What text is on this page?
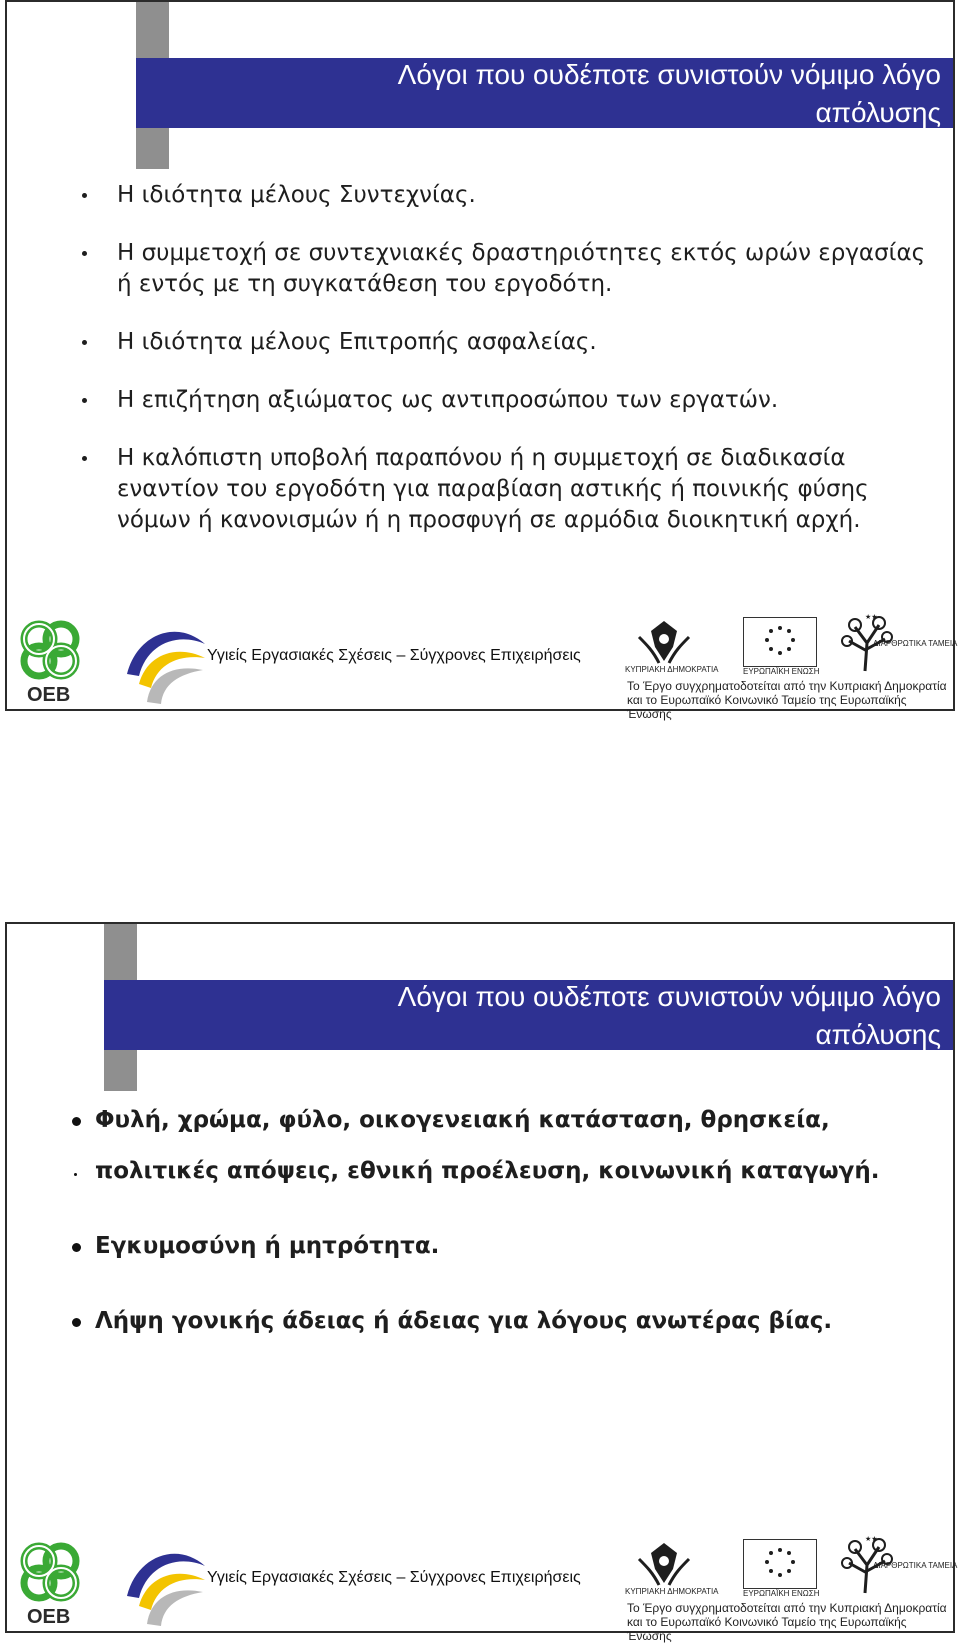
Λόγοι που ουδέποτε συνιστούν νόμιμο λόγο
απόλυσης
Η ιδιότητα μέλους Συντεχνίας.
Η συμμετοχή σε συντεχνιακές δραστηριότητες εκτός ωρών εργασίας ή εντός με τη συγκατάθεση του εργοδότη.
Η ιδιότητα μέλους Επιτροπής ασφαλείας.
Η επιζήτηση αξιώματος ως αντιπροσώπου των εργατών.
Η καλόπιστη υποβολή παραπόνου ή η συμμετοχή σε διαδικασία εναντίον του εργοδότη για παραβίαση αστικής ή ποινικής φύσης νόμων ή κανονισμών ή η προσφυγή σε αρμόδια διοικητική αρχή.
OEB
Υγιείς Εργασιακές Σχέσεις – Σύγχρονες Επιχειρήσεις
ΚΥΠΡΙΑΚΗ ΔΗΜΟΚΡΑΤΙΑ	ΕΥΡΩΠΑΪΚΗ ΕΝΩΣΗ
★★
ΔΙΑΡΘΡΩΤΙΚΑ ΤΑΜΕΙΑ
Το Έργο συγχρηματοδοτείται από την Κυπριακή Δημοκρατία
και το Ευρωπαϊκό Κοινωνικό Ταμείο της Ευρωπαϊκής Ένωσης
Λόγοι που ουδέποτε συνιστούν νόμιμο λόγο
απόλυσης
OEB
Υγιείς Εργασιακές Σχέσεις – Σύγχρονες Επιχειρήσεις
ΚΥΠΡΙΑΚΗ ΔΗΜΟΚΡΑΤΙΑ	ΕΥΡΩΠΑΪΚΗ ΕΝΩΣΗ
★★
ΔΙΑΡΘΡΩΤΙΚΑ ΤΑΜΕΙΑ
Το Έργο συγχρηματοδοτείται από την Κυπριακή Δημοκρατία
και το Ευρωπαϊκό Κοινωνικό Ταμείο της Ευρωπαϊκής Ένωσης
Φυλή, χρώμα, φύλο, οικογενειακή κατάσταση, θρησκεία,
πολιτικές απόψεις, εθνική προέλευση, κοινωνική καταγωγή.
Εγκυμοσύνη ή μητρότητα.
Λήψη γονικής άδειας ή άδειας για λόγους ανωτέρας βίας.
